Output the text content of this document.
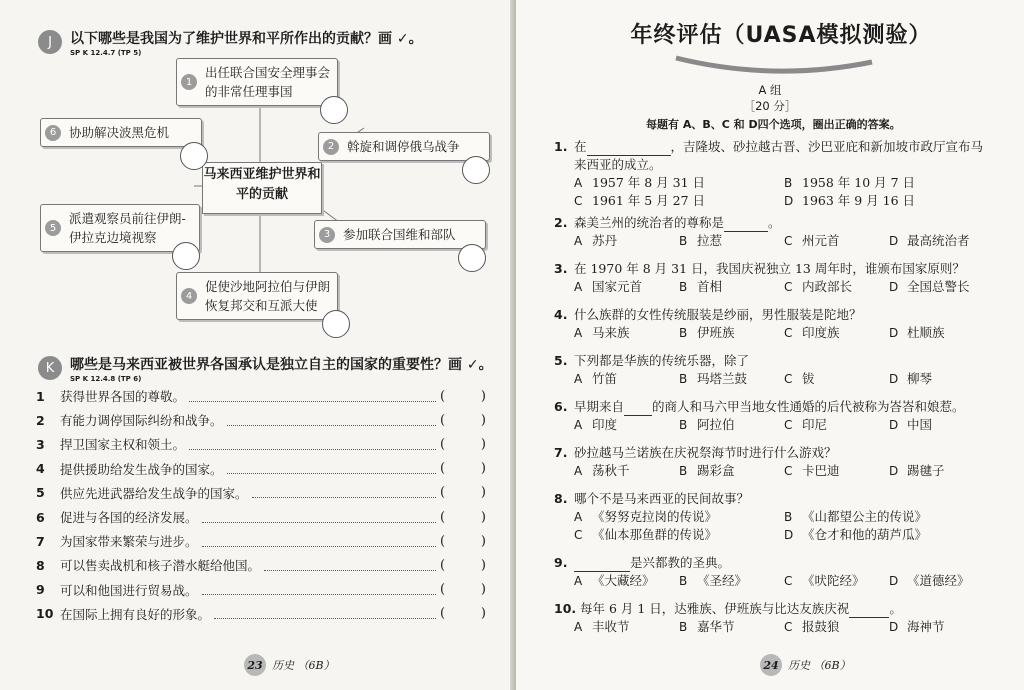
J	以下哪些是我国为了维护世界和平所作出的贡献？画 ✓。
SP K 12.4.7 (TP 5)
马来西亚维护世界和平的贡献
1
出任联合国安全理事会的非常任理事国
2	斡旋和调停俄乌战争
3	参加联合国维和部队
4
促使沙地阿拉伯与伊朗恢复邦交和互派大使
5
派遣观察员前往伊朗-伊拉克边境视察
6	协助解决波黑危机
K	哪些是马来西亚被世界各国承认是独立自主的国家的重要性？画 ✓。
SP K 12.4.8 (TP 6)
1	获得世界各国的尊敬。	(	)
2	有能力调停国际纠纷和战争。	(	)
3	捍卫国家主权和领土。	(	)
4	提供援助给发生战争的国家。	(	)
5	供应先进武器给发生战争的国家。	(	)
6	促进与各国的经济发展。	(	)
7	为国家带来繁荣与进步。	(	)
8	可以售卖战机和核子潜水艇给他国。	(	)
9	可以和他国进行贸易战。	(	)
10 在国际上拥有良好的形象。	(	)
23 历史 （6B）
年终评估（UASA模拟测验）
A 组
［20 分］
每题有 A、B、C 和 D四个选项，圈出正确的答案。
1. 在	，吉隆坡、砂拉越古晋、沙巴亚庇和新加坡市政厅宣布马来西亚的成立。
A 1957 年 8 月 31 日	B 1958 年 10 月 7 日
C 1961 年 5 月 27 日	D 1963 年 9 月 16 日
2. 森美兰州的统治者的尊称是	。
A 苏丹	B 拉惹	C 州元首	D 最高统治者
3. 在 1970 年 8 月 31 日，我国庆祝独立 13 周年时，谁颁布国家原则？
A 国家元首	B 首相	C 内政部长	D 全国总警长
4. 什么族群的女性传统服装是纱丽，男性服装是陀地？
A 马来族	B 伊班族	C 印度族	D 杜顺族
5. 下列都是华族的传统乐器，除了
A 竹笛	B 玛塔兰鼓	C 钹	D 柳琴
6. 早期来自 的商人和马六甲当地女性通婚的后代被称为峇峇和娘惹。
A 印度	B 阿拉伯	C 印尼	D 中国
7. 砂拉越马兰诺族在庆祝祭海节时进行什么游戏？
A 荡秋千	B 踢彩盒	C 卡巴迪	D 踢毽子
8. 哪个不是马来西亚的民间故事？
A 《努努克拉岗的传说》	B 《山都望公主的传说》
C 《仙本那鱼群的传说》	D 《仓才和他的葫芦瓜》
9.	是兴都教的圣典。
A 《大藏经》	B 《圣经》	C 《吠陀经》	D 《道德经》
10. 每年 6 月 1 日，达雅族、伊班族与比达友族庆祝	。
A 丰收节	B 嘉华节	C 报鼓狼	D 海神节
24 历史 （6B）
